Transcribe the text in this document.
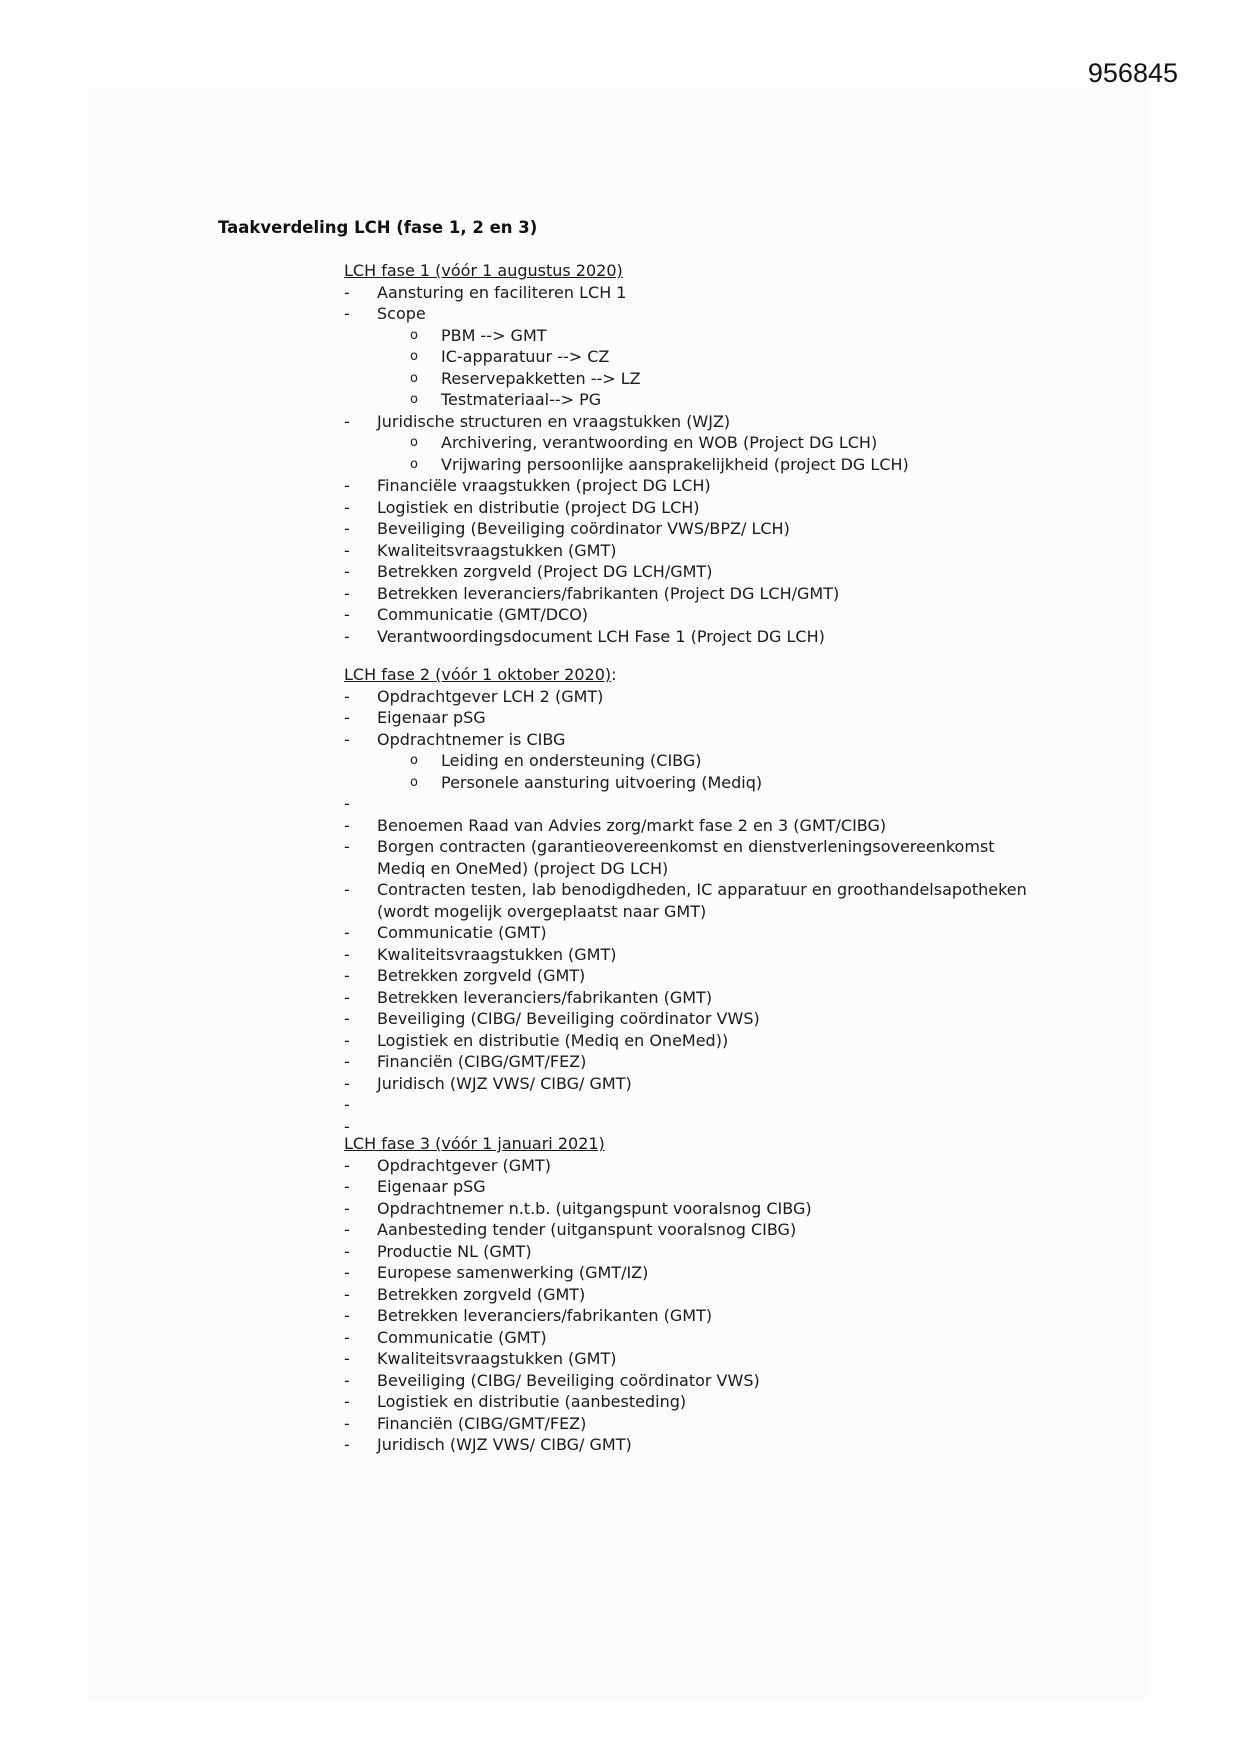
956845
Taakverdeling LCH (fase 1, 2 en 3)
LCH fase 1 (vóór 1 augustus 2020)
- Aansturing en faciliteren LCH 1
- Scope
o PBM --> GMT
o IC-apparatuur --> CZ
o Reservepakketten --> LZ
o Testmateriaal--> PG
- Juridische structuren en vraagstukken (WJZ)
o Archivering, verantwoording en WOB (Project DG LCH)
o Vrijwaring persoonlijke aansprakelijkheid (project DG LCH)
- Financiële vraagstukken (project DG LCH)
- Logistiek en distributie (project DG LCH)
- Beveiliging (Beveiliging coördinator VWS/BPZ/ LCH)
- Kwaliteitsvraagstukken (GMT)
- Betrekken zorgveld (Project DG LCH/GMT)
- Betrekken leveranciers/fabrikanten (Project DG LCH/GMT)
- Communicatie (GMT/DCO)
- Verantwoordingsdocument LCH Fase 1 (Project DG LCH)
LCH fase 2 (vóór 1 oktober 2020):
- Opdrachtgever LCH 2 (GMT)
- Eigenaar pSG
- Opdrachtnemer is CIBG
o Leiding en ondersteuning (CIBG)
o Personele aansturing uitvoering (Mediq)
-
- Benoemen Raad van Advies zorg/markt fase 2 en 3 (GMT/CIBG)
- Borgen contracten (garantieovereenkomst en dienstverleningsovereenkomst Mediq en OneMed) (project DG LCH)
- Contracten testen, lab benodigdheden, IC apparatuur en groothandelsapotheken (wordt mogelijk overgeplaatst naar GMT)
- Communicatie (GMT)
- Kwaliteitsvraagstukken (GMT)
- Betrekken zorgveld (GMT)
- Betrekken leveranciers/fabrikanten (GMT)
- Beveiliging (CIBG/ Beveiliging coördinator VWS)
- Logistiek en distributie (Mediq en OneMed))
- Financiën (CIBG/GMT/FEZ)
- Juridisch (WJZ VWS/ CIBG/ GMT)
-
-
LCH fase 3 (vóór 1 januari 2021)
- Opdrachtgever (GMT)
- Eigenaar pSG
- Opdrachtnemer n.t.b. (uitgangspunt vooralsnog CIBG)
- Aanbesteding tender (uitganspunt vooralsnog CIBG)
- Productie NL (GMT)
- Europese samenwerking (GMT/IZ)
- Betrekken zorgveld (GMT)
- Betrekken leveranciers/fabrikanten (GMT)
- Communicatie (GMT)
- Kwaliteitsvraagstukken (GMT)
- Beveiliging (CIBG/ Beveiliging coördinator VWS)
- Logistiek en distributie (aanbesteding)
- Financiën (CIBG/GMT/FEZ)
- Juridisch (WJZ VWS/ CIBG/ GMT)
